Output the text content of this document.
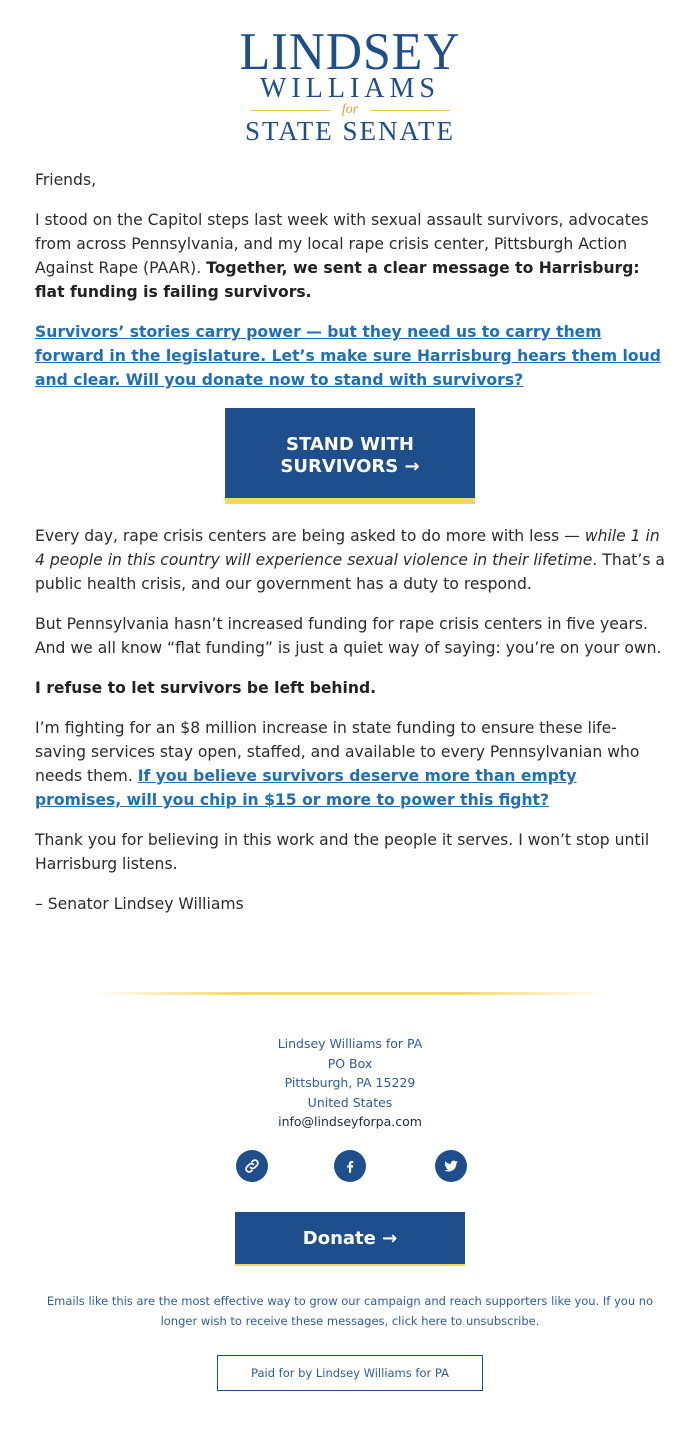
LINDSEY
WILLIAMS
for
STATE SENATE

Friends,

I stood on the Capitol steps last week with sexual assault survivors, advocates from across Pennsylvania, and my local rape crisis center, Pittsburgh Action Against Rape (PAAR). Together, we sent a clear message to Harrisburg: flat funding is failing survivors.

Survivors’ stories carry power — but they need us to carry them forward in the legislature. Let’s make sure Harrisburg hears them loud and clear. Will you donate now to stand with survivors?

STAND WITH
SURVIVORS →

Every day, rape crisis centers are being asked to do more with less — while 1 in 4 people in this country will experience sexual violence in their lifetime. That’s a public health crisis, and our government has a duty to respond.

But Pennsylvania hasn’t increased funding for rape crisis centers in five years. And we all know “flat funding” is just a quiet way of saying: you’re on your own.

I refuse to let survivors be left behind.

I’m fighting for an $8 million increase in state funding to ensure these life-saving services stay open, staffed, and available to every Pennsylvanian who needs them. If you believe survivors deserve more than empty promises, will you chip in $15 or more to power this fight?

Thank you for believing in this work and the people it serves. I won’t stop until Harrisburg listens.

– Senator Lindsey Williams

Lindsey Williams for PA
PO Box
Pittsburgh, PA 15229
United States
info@lindseyforpa.com
Donate →
Emails like this are the most effective way to grow our campaign and reach supporters like you. If you no longer wish to receive these messages, click here to unsubscribe.
Paid for by Lindsey Williams for PA
